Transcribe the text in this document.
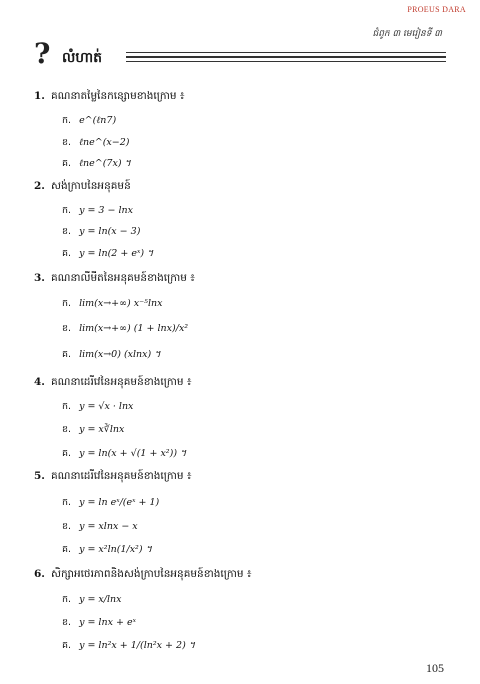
PROEUS DARA
ជំពូក ៣ មេរៀនទី ៣
? លំហាត់
1. គណនាតម្លៃនៃកន្សោមខាងក្រោម ៖
ក. e^(ℓn7)
ខ. ℓne^(x−2)
គ. ℓne^(7x) ។
2. សង់ក្រាបនៃអនុគមន៍
ក. y = 3 − lnx
ខ. y = ln(x − 3)
គ. y = ln(2 + eˣ) ។
3. គណនាលីមីតនៃអនុគមន៍ខាងក្រោម ៖
ក. lim(x→+∞) x⁻⁵lnx
ខ. lim(x→+∞) (1 + lnx)/x²
គ. lim(x→0) (xlnx) ។
4. គណនាដេរីវេនៃអនុគមន៍ខាងក្រោម ៖
ក. y = √x · lnx
ខ. y = x∛lnx
គ. y = ln(x + √(1 + x²)) ។
5. គណនាដេរីវេនៃអនុគមន៍ខាងក្រោម ៖
ក. y = ln eˣ/(eˣ + 1)
ខ. y = xlnx − x
គ. y = x²ln(1/x²) ។
6. សិក្សាអថេរភាពនិងសង់ក្រាបនៃអនុគមន៍ខាងក្រោម ៖
ក. y = x/lnx
ខ. y = lnx + eˣ
គ. y = ln²x + 1/(ln²x + 2) ។
105
